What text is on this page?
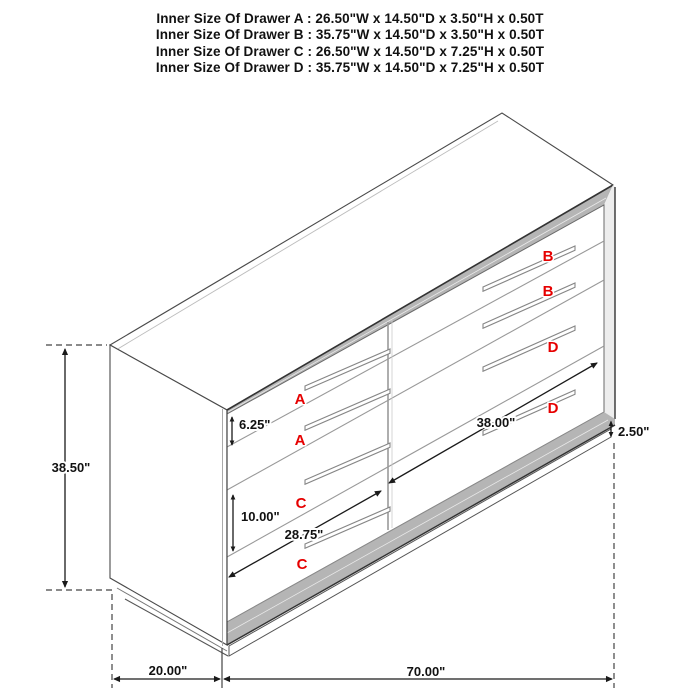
Inner Size Of Drawer A : 26.50"W x 14.50"D x 3.50"H x 0.50T
Inner Size Of Drawer B : 35.75"W x 14.50"D x 3.50"H x 0.50T
Inner Size Of Drawer C : 26.50"W x 14.50"D x 7.25"H x 0.50T
Inner Size Of Drawer D : 35.75"W x 14.50"D x 7.25"H x 0.50T
38.50"
20.00"	70.00"
2.50"
6.25"
10.00"
28.75"
38.00"
A
A
C
C
B
B
D
D
